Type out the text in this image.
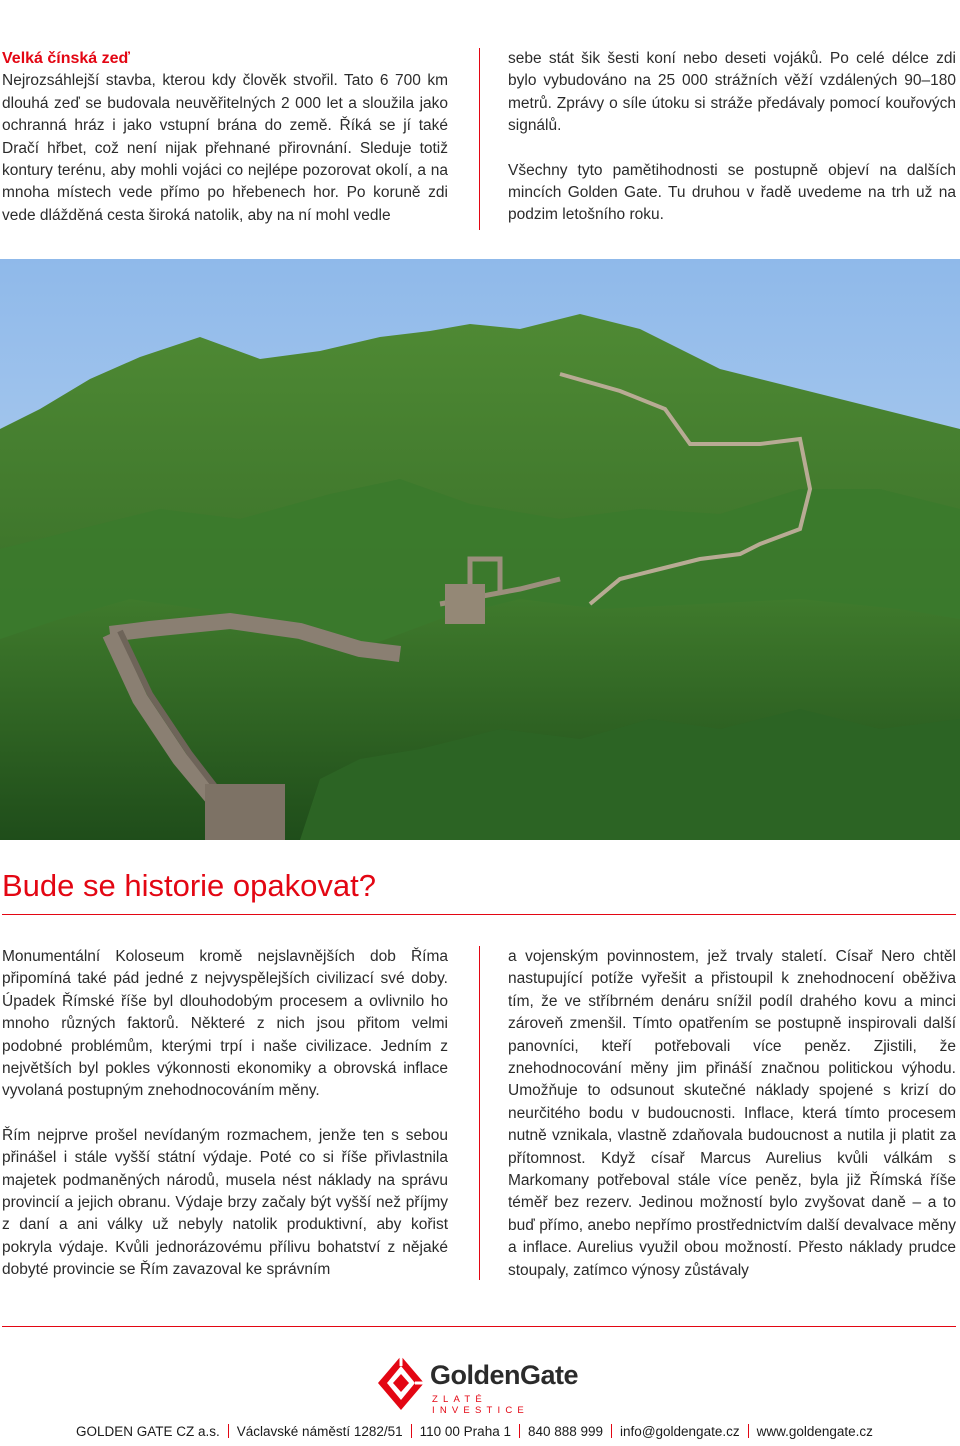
Velká čínská zeď

Nejrozsáhlejší stavba, kterou kdy člověk stvořil. Tato 6 700 km dlouhá zeď se budovala neuvěřitelných 2 000 let a sloužila jako ochranná hráz i jako vstupní brána do země. Říká se jí také Dračí hřbet, což není nijak přehnané přirovnání. Sleduje totiž kontury terénu, aby mohli vojáci co nejlépe pozorovat okolí, a na mnoha místech vede přímo po hřebenech hor. Po koruně zdi vede dlážděná cesta široká natolik, aby na ní mohl vedle

sebe stát šik šesti koní nebo deseti vojáků. Po celé délce zdi bylo vybudováno na 25 000 strážních věží vzdálených 90–180 metrů. Zprávy o síle útoku si stráže předávaly pomocí kouřových signálů.

Všechny tyto pamětihodnosti se postupně objeví na dalších mincích Golden Gate. Tu druhou v řadě uvedeme na trh už na podzim letošního roku.

Bude se historie opakovat?

Monumentální Koloseum kromě nejslavnějších dob Říma připomíná také pád jedné z nejvyspělejších civilizací své doby. Úpadek Římské říše byl dlouhodobým procesem a ovlivnilo ho mnoho různých faktorů. Některé z nich jsou přitom velmi podobné problémům, kterými trpí i naše civilizace. Jedním z největších byl pokles výkonnosti ekonomiky a obrovská inflace vyvolaná postupným znehodnocováním měny.

Řím nejprve prošel nevídaným rozmachem, jenže ten s sebou přinášel i stále vyšší státní výdaje. Poté co si říše přivlastnila majetek podmaněných národů, musela nést náklady na správu provincií a jejich obranu. Výdaje brzy začaly být vyšší než příjmy z daní a ani války už nebyly natolik produktivní, aby kořist pokryla výdaje. Kvůli jednorázovému přílivu bohatství z nějaké dobyté provincie se Řím zavazoval ke správním

a vojenským povinnostem, jež trvaly staletí. Císař Nero chtěl nastupující potíže vyřešit a přistoupil k znehodnocení oběživa tím, že ve stříbrném denáru snížil podíl drahého kovu a minci zároveň zmenšil. Tímto opatřením se postupně inspirovali další panovníci, kteří potřebovali více peněz. Zjistili, že znehodnocování měny jim přináší značnou politickou výhodu. Umožňuje to odsunout skutečné náklady spojené s krizí do neurčitého bodu v budoucnosti. Inflace, která tímto procesem nutně vznikala, vlastně zdaňovala budoucnost a nutila ji platit za přítomnost. Když císař Marcus Aurelius kvůli válkám s Markomany potřeboval stále více peněz, byla již Římská říše téměř bez rezerv. Jedinou možností bylo zvyšovat daně – a to buď přímo, anebo nepřímo prostřednictvím další devalvace měny a inflace. Aurelius využil obou možností. Přesto náklady prudce stoupaly, zatímco výnosy zůstávaly

GoldenGate
ZLATÉ INVESTICE
GOLDEN GATE CZ a.s. Václavské náměstí 1282/51 110 00 Praha 1 840 888 999 info@goldengate.cz www.goldengate.cz
